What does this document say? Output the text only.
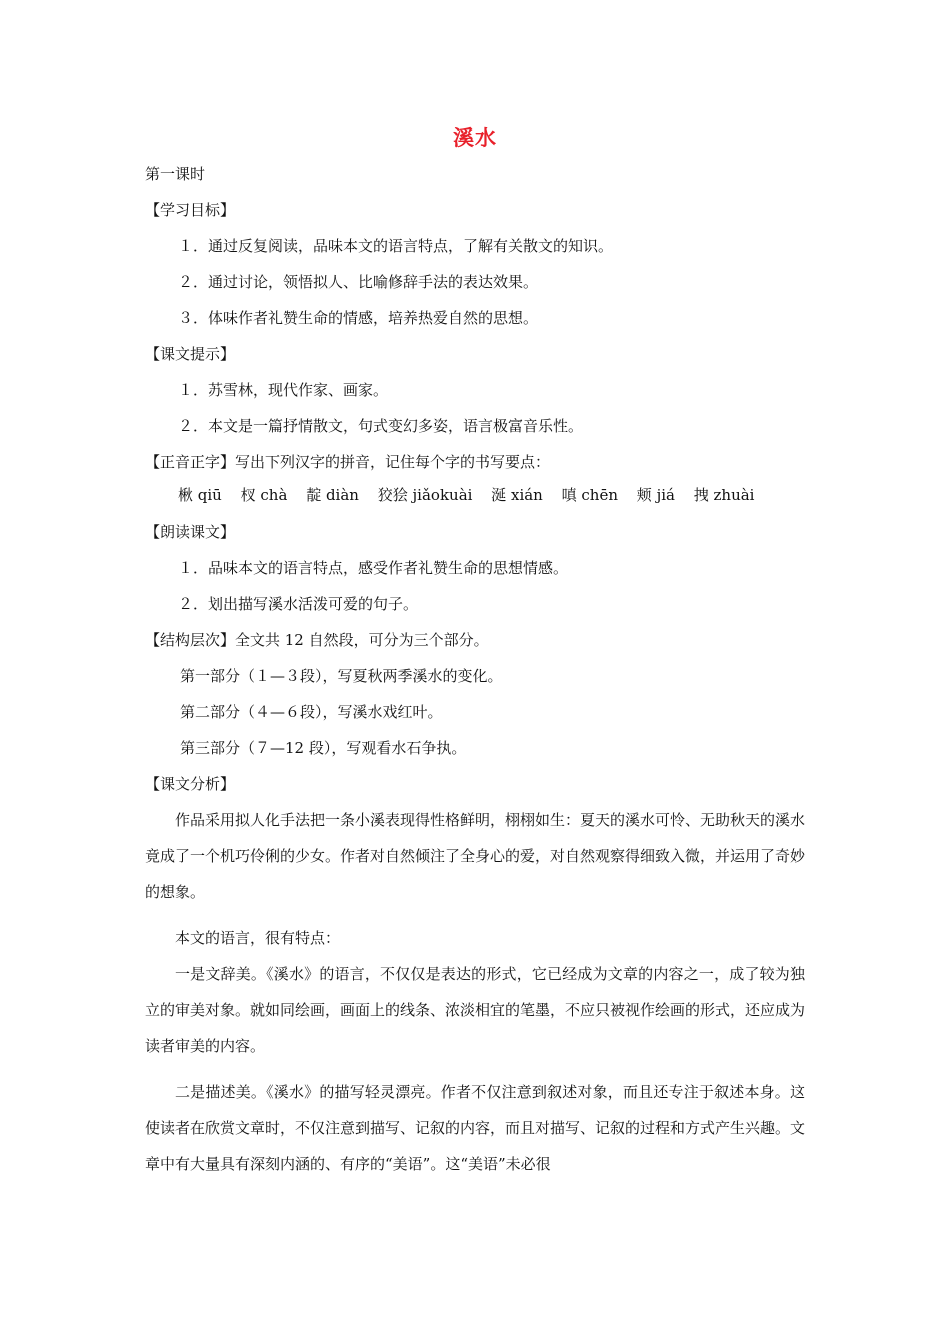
溪水
第一课时
【学习目标】
１．通过反复阅读，品味本文的语言特点，了解有关散文的知识。
２．通过讨论，领悟拟人、比喻修辞手法的表达效果。
３．体味作者礼赞生命的情感，培养热爱自然的思想。
【课文提示】
１．苏雪林，现代作家、画家。
２．本文是一篇抒情散文，句式变幻多姿，语言极富音乐性。
【正音正字】写出下列汉字的拼音，记住每个字的书写要点：
楸 qiū 杈 chà 靛 diàn 狡狯 jiǎokuài 涎 xián 嗔 chēn 颊 jiá 拽 zhuài
【朗读课文】
１．品味本文的语言特点，感受作者礼赞生命的思想情感。
２．划出描写溪水活泼可爱的句子。
【结构层次】全文共 12 自然段，可分为三个部分。
第一部分（１—３段），写夏秋两季溪水的变化。
第二部分（４—６段），写溪水戏红叶。
第三部分（７—12 段），写观看水石争执。
【课文分析】
作品采用拟人化手法把一条小溪表现得性格鲜明，栩栩如生：夏天的溪水可怜、无助秋天的溪水竟成了一个机巧伶俐的少女。作者对自然倾注了全身心的爱，对自然观察得细致入微，并运用了奇妙的想象。
本文的语言，很有特点：
一是文辞美。《溪水》的语言，不仅仅是表达的形式，它已经成为文章的内容之一，成了较为独立的审美对象。就如同绘画，画面上的线条、浓淡相宜的笔墨，不应只被视作绘画的形式，还应成为读者审美的内容。
二是描述美。《溪水》的描写轻灵漂亮。作者不仅注意到叙述对象，而且还专注于叙述本身。这使读者在欣赏文章时，不仅注意到描写、记叙的内容，而且对描写、记叙的过程和方式产生兴趣。文章中有大量具有深刻内涵的、有序的“美语”。这“美语”未必很
